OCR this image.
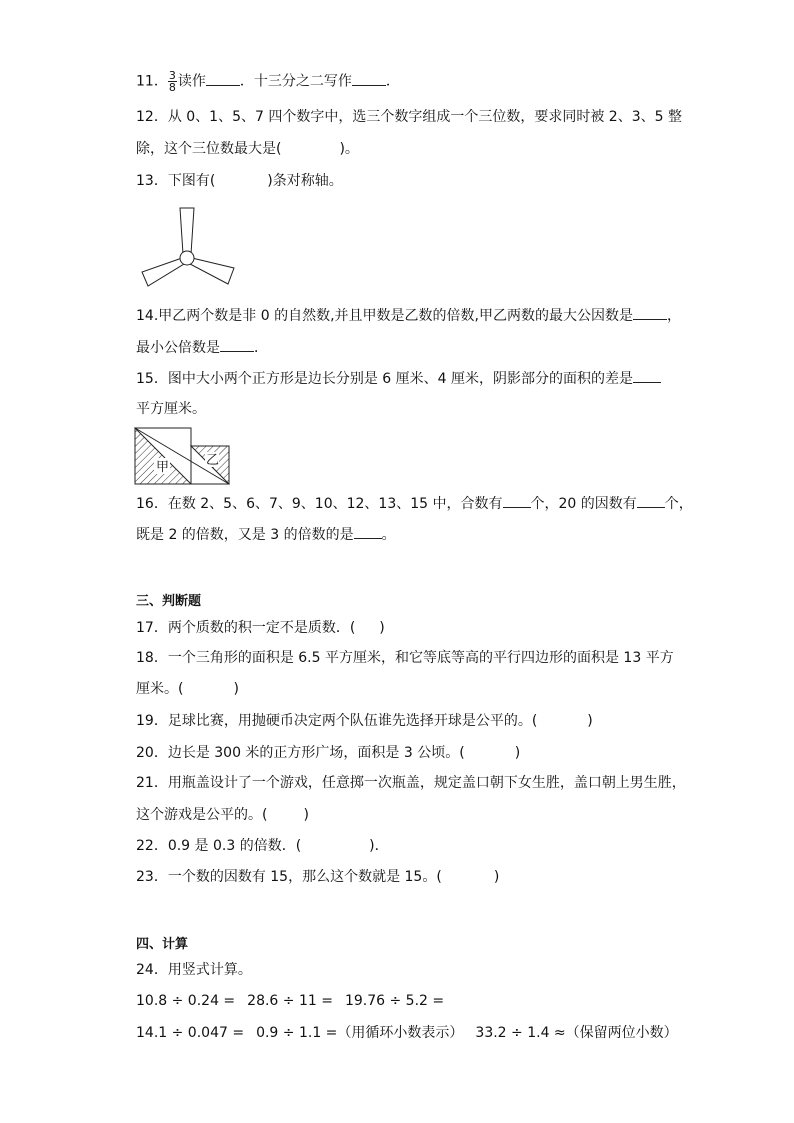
11． $\frac{3}{8}$ 读作 ．十三分之二写作 ．
12．从 0、1、5、7 四个数字中，选三个数字组成一个三位数，要求同时被 2、3、5 整
除，这个三位数最大是(	)。
13．下图有(	)条对称轴。
14.甲乙两个数是非 0 的自然数,并且甲数是乙数的倍数,甲乙两数的最大公因数是 ，
最小公倍数是 ．
15．图中大小两个正方形是边长分别是 6 厘米、4 厘米，阴影部分的面积的差是
平方厘米。
甲	乙
16．在数 2、5、6、7、9、10、12、13、15 中，合数有 个，20 的因数有 个，
既是 2 的倍数，又是 3 的倍数的是 。
三、判断题
17．两个质数的积一定不是质数．( )
18．一个三角形的面积是 6.5 平方厘米，和它等底等高的平行四边形的面积是 13 平方
厘米。(	)
19．足球比赛，用抛硬币决定两个队伍谁先选择开球是公平的。(	)
20．边长是 300 米的正方形广场，面积是 3 公顷。(	)
21．用瓶盖设计了一个游戏，任意掷一次瓶盖，规定盖口朝下女生胜，盖口朝上男生胜，
这个游戏是公平的。(	)
22．0.9 是 0.3 的倍数．(	)．
23．一个数的因数有 15，那么这个数就是 15。(	)
四、计算
24．用竖式计算。
10.8 ÷ 0.24 = 28.6 ÷ 11 = 19.76 ÷ 5.2 =
14.1 ÷ 0.047 = 0.9 ÷ 1.1 =（用循环小数表示） 33.2 ÷ 1.4 ≈（保留两位小数）
